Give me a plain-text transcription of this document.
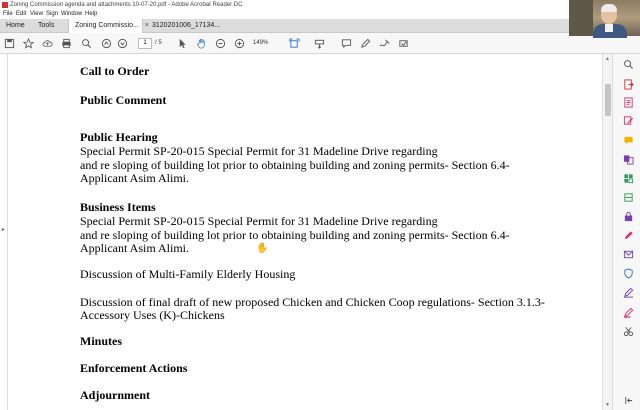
Zoning Commission agenda and attachments 10-07-20.pdf - Adobe Acrobat Reader DC
File Edit View Sign Window Help
Home	Tools	Zoning Commissio... × 3120201006_17134...
1	/ 5	149%
▸
Call to Order
Public Comment
Public Hearing
Special Permit SP-20-015 Special Permit for 31 Madeline Drive regarding
and re sloping of building lot prior to obtaining building and zoning permits- Section 6.4-
Applicant Asim Alimi.
Business Items
Special Permit SP-20-015 Special Permit for 31 Madeline Drive regarding
and re sloping of building lot prior to obtaining building and zoning permits- Section 6.4-
Applicant Asim Alimi.
Discussion of Multi-Family Elderly Housing
Discussion of final draft of new proposed Chicken and Chicken Coop regulations- Section 3.1.3-
Accessory Uses (K)-Chickens
Minutes
Enforcement Actions
Adjournment
✋
▲
▼
